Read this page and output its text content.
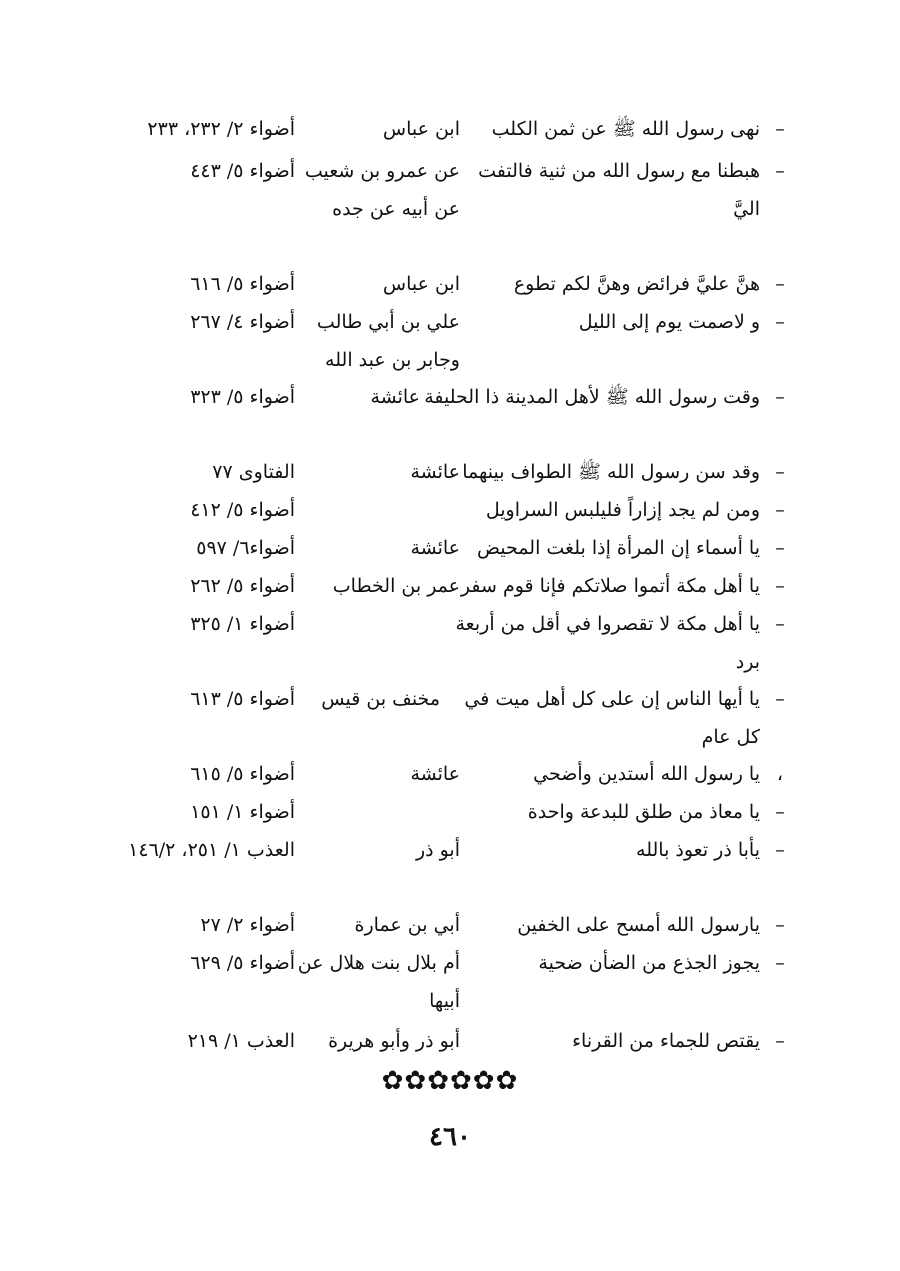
–
نهى رسول الله ﷺ عن ثمن الكلب
ابن عباس
أضواء ٢/ ٢٣٢، ٢٣٣
–
هبطنا مع رسول الله من ثنية فالتفت اليَّ
عن عمرو بن شعيب عن أبيه عن جده
أضواء ٥/ ٤٤٣
–
هنَّ عليَّ فرائض وهنَّ لكم تطوع
ابن عباس
أضواء ٥/ ٦١٦
–
و لاصمت يوم إلى الليل
علي بن أبي طالب وجابر بن عبد الله
أضواء ٤/ ٢٦٧
–
وقت رسول الله ﷺ لأهل المدينة ذا الحليفة
عائشة
أضواء ٥/ ٣٢٣
–
وقد سن رسول الله ﷺ الطواف بينهما
عائشة
الفتاوى ٧٧
–
ومن لم يجد إزاراً فليلبس السراويل
أضواء ٥/ ٤١٢
–
يا أسماء إن المرأة إذا بلغت المحيض
عائشة
أضواء٦/ ٥٩٧
–
يا أهل مكة أتموا صلاتكم فإنا قوم سفر
عمر بن الخطاب
أضواء ٥/ ٢٦٢
–
يا أهل مكة لا تقصروا في أقل من أربعة برد
أضواء ١/ ٣٢٥
–
يا أيها الناس إن على كل أهل ميت في كل عام
مخنف بن قيس
أضواء ٥/ ٦١٣
،
يا رسول الله أستدين وأضحي
عائشة
أضواء ٥/ ٦١٥
–
يا معاذ من طلق للبدعة واحدة
أضواء ١/ ١٥١
–
يأبا ذر تعوذ بالله
أبو ذر
العذب ١/ ٢٥١، ١٤٦/٢
–
يارسول الله أمسح على الخفين
أبي بن عمارة
أضواء ٢/ ٢٧
–
يجوز الجذع من الضأن ضحية
أم بلال بنت هلال عن أبيها
أضواء ٥/ ٦٢٩
–
يقتص للجماء من القرناء
أبو ذر وأبو هريرة
العذب ١/ ٢١٩
✿✿✿✿✿✿
٤٦٠
